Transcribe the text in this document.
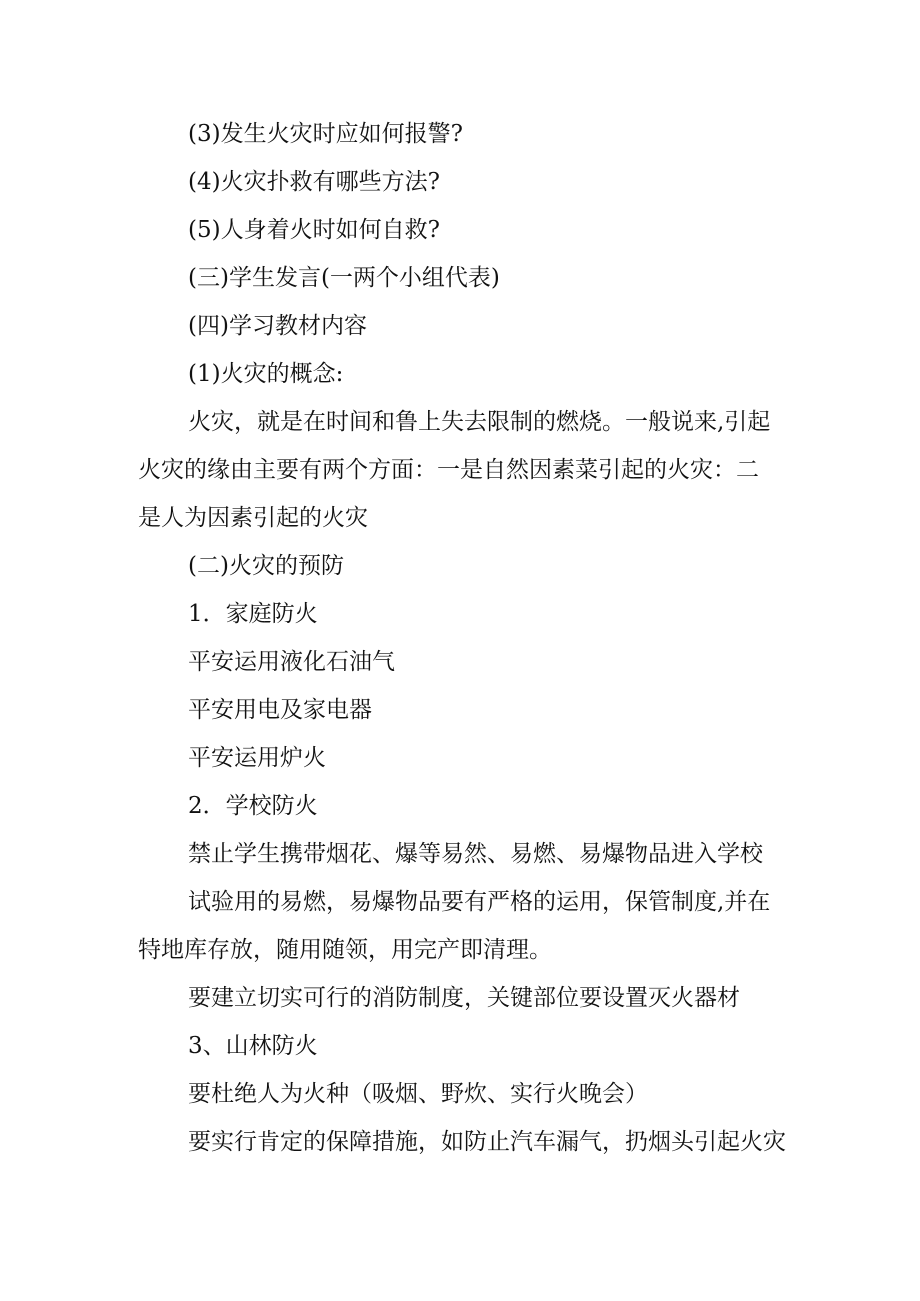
(3)发生火灾时应如何报警?

(4)火灾扑救有哪些方法?

(5)人身着火时如何自救?

(三)学生发言(一两个小组代表)

(四)学习教材内容

(1)火灾的概念:

火灾，就是在时间和鲁上失去限制的燃烧。一般说来,引起

火灾的缘由主要有两个方面：一是自然因素菜引起的火灾：二

是人为因素引起的火灾

(二)火灾的预防

1．家庭防火

平安运用液化石油气

平安用电及家电器

平安运用炉火

2．学校防火

禁止学生携带烟花、爆等易然、易燃、易爆物品进入学校

试验用的易燃，易爆物品要有严格的运用，保管制度,并在

特地库存放，随用随领，用完产即清理。

要建立切实可行的消防制度，关键部位要设置灭火器材

3、山林防火

要杜绝人为火种（吸烟、野炊、实行火晚会）

要实行肯定的保障措施，如防止汽车漏气，扔烟头引起火灾
